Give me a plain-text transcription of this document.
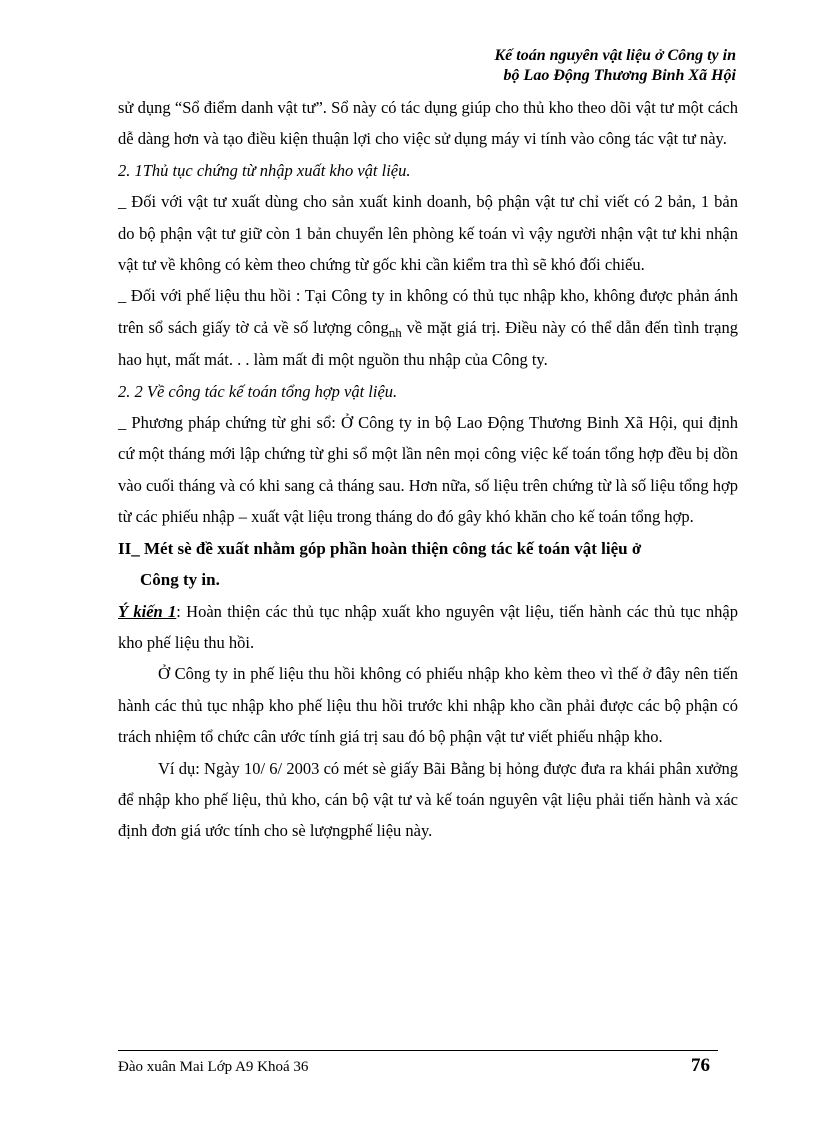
Kế toán nguyên vật liệu ở Công ty in
bộ Lao Động Thương Binh Xã Hội

sử dụng “Sổ điểm danh vật tư”. Sổ này có tác dụng giúp cho thủ kho theo dõi vật tư một cách dễ dàng hơn và tạo điều kiện thuận lợi cho việc sử dụng máy vi tính vào công tác vật tư này.

2. 1Thủ tục chứng từ nhập xuất kho vật liệu.

_ Đối với vật tư xuất dùng cho sản xuất kinh doanh, bộ phận vật tư chỉ viết có 2 bản, 1 bản do bộ phận vật tư giữ còn 1 bản chuyển lên phòng kế toán vì vậy người nhận vật tư khi nhận vật tư về không có kèm theo chứng từ gốc khi cần kiểm tra thì sẽ khó đối chiếu.

_ Đối với phế liệu thu hồi : Tại Công ty in không có thủ tục nhập kho, không được phản ánh trên sổ sách giấy tờ cả về số lượng công$_{nh}$ về mặt giá trị. Điều này có thể dẫn đến tình trạng hao hụt, mất mát. . . làm mất đi một nguồn thu nhập của Công ty.

2. 2 Về công tác kế toán tổng hợp vật liệu.

_ Phương pháp chứng từ ghi sổ: Ở Công ty in bộ Lao Động Thương Binh Xã Hội, qui định cứ một tháng mới lập chứng từ ghi sổ một lần nên mọi công việc kế toán tổng hợp đều bị dồn vào cuối tháng và có khi sang cả tháng sau. Hơn nữa, số liệu trên chứng từ là số liệu tổng hợp từ các phiếu nhập – xuất vật liệu trong tháng do đó gây khó khăn cho kế toán tổng hợp.

II_ Mét sè đề xuất nhằm góp phần hoàn thiện công tác kế toán vật liệu ở
Công ty in.

Ý kiến 1: Hoàn thiện các thủ tục nhập xuất kho nguyên vật liệu, tiến hành các thủ tục nhập kho phế liệu thu hồi.

Ở Công ty in phế liệu thu hồi không có phiếu nhập kho kèm theo vì thế ở đây nên tiến hành các thủ tục nhập kho phế liệu thu hồi trước khi nhập kho cần phải được các bộ phận có trách nhiệm tổ chức cân ước tính giá trị sau đó bộ phận vật tư viết phiếu nhập kho.

Ví dụ: Ngày 10/ 6/ 2003 có mét sè giấy Bãi Bằng bị hỏng được đưa ra khái phân xưởng để nhập kho phế liệu, thủ kho, cán bộ vật tư và kế toán nguyên vật liệu phải tiến hành và xác định đơn giá ước tính cho sè lượngphế liệu này.

Đào xuân Mai Lớp A9 Khoá 36	76
